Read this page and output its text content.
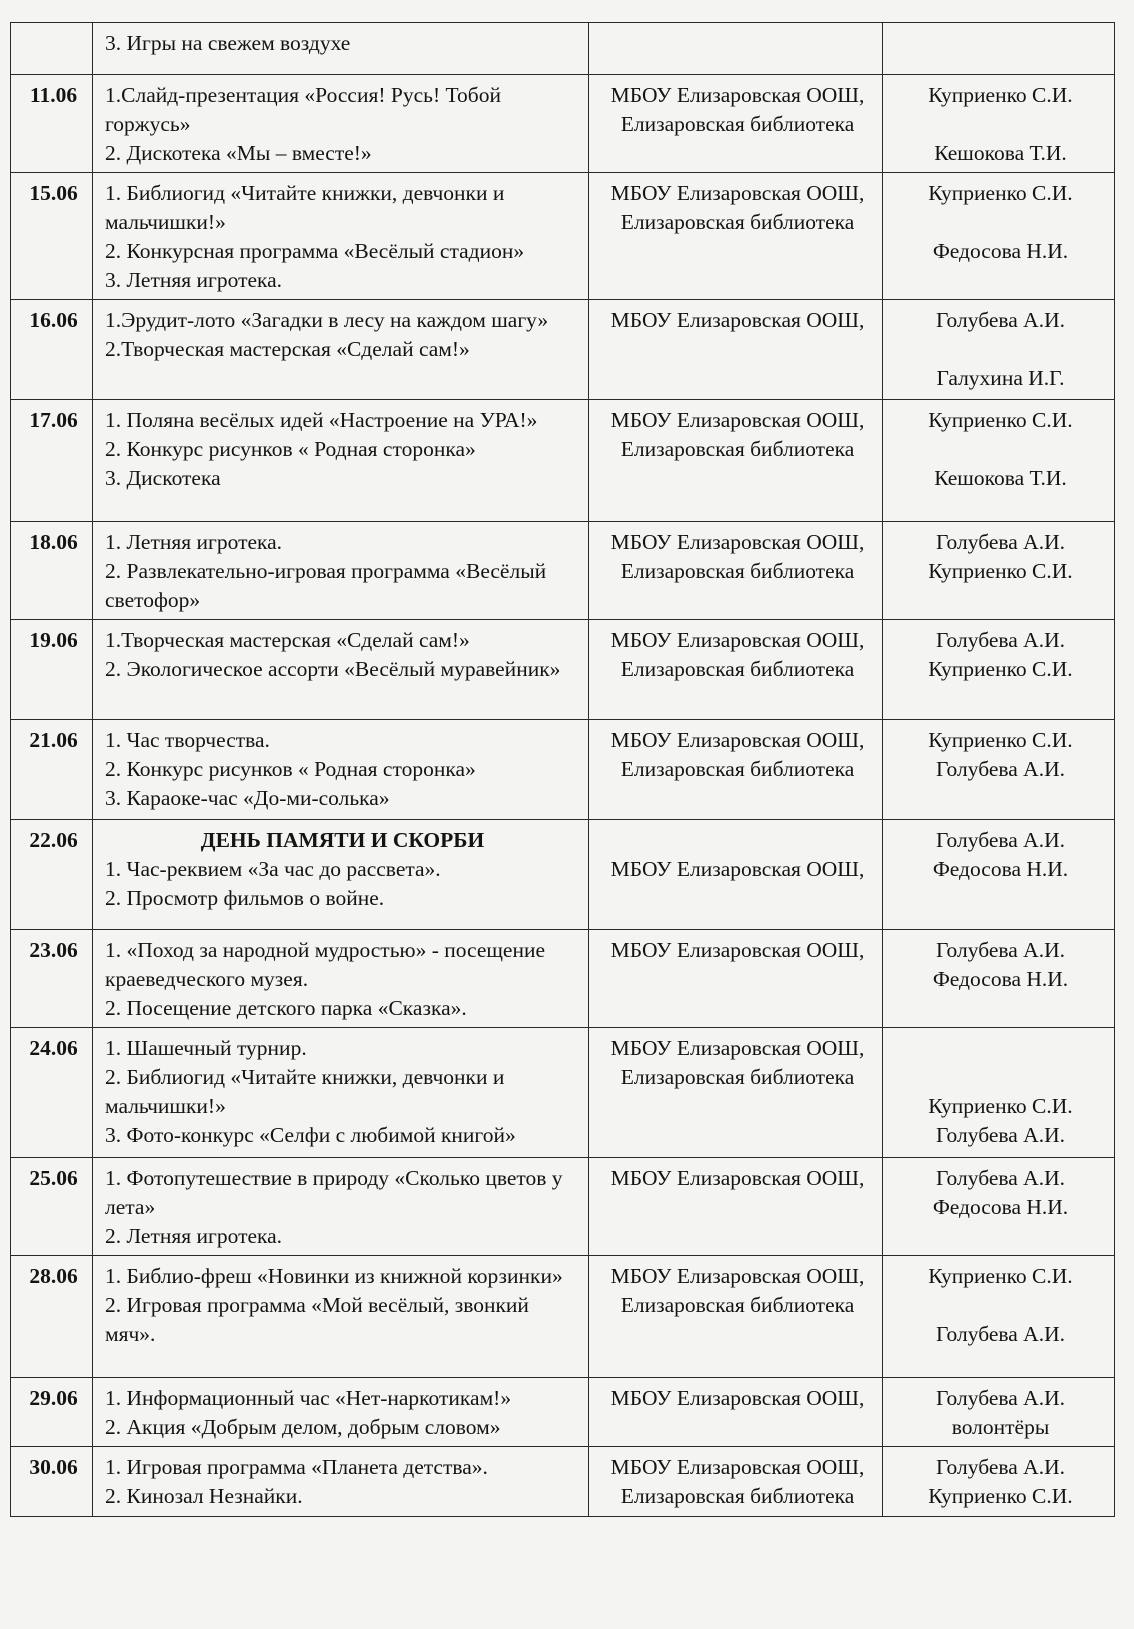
	3. Игры на свежем воздухе		

11.06	1.Слайд-презентация «Россия! Русь! Тобой горжусь»
2. Дискотека «Мы – вместе!»	МБОУ Елизаровская ООШ,
Елизаровская библиотека	Куприенко С.И.
Кешокова Т.И.

15.06	1. Библиогид «Читайте книжки, девчонки и мальчишки!»
2. Конкурсная программа «Весёлый стадион»
3. Летняя игротека.	МБОУ Елизаровская ООШ,
Елизаровская библиотека	Куприенко С.И.
Федосова Н.И.

16.06	1.Эрудит-лото «Загадки в лесу на каждом шагу»
2.Творческая мастерская «Сделай сам!»	МБОУ Елизаровская ООШ,	Голубева А.И.
Галухина И.Г.

17.06	1. Поляна весёлых идей «Настроение на УРА!»
2. Конкурс рисунков « Родная сторонка»
3. Дискотека	МБОУ Елизаровская ООШ,
Елизаровская библиотека	Куприенко С.И.
Кешокова Т.И.

18.06	1. Летняя игротека.
2. Развлекательно-игровая программа «Весёлый светофор»	МБОУ Елизаровская ООШ,
Елизаровская библиотека	Голубева А.И.
Куприенко С.И.

19.06	1.Творческая мастерская «Сделай сам!»
2. Экологическое ассорти «Весёлый муравейник»	МБОУ Елизаровская ООШ,
Елизаровская библиотека	Голубева А.И.
Куприенко С.И.

21.06	1. Час творчества.
2. Конкурс рисунков « Родная сторонка»
3. Караоке-час «До-ми-солька»	МБОУ Елизаровская ООШ,
Елизаровская библиотека	Куприенко С.И.
Голубева А.И.

22.06	ДЕНЬ ПАМЯТИ И СКОРБИ
1. Час-реквием «За час до рассвета».
2. Просмотр фильмов о войне.	МБОУ Елизаровская ООШ,	Голубева А.И.
Федосова Н.И.

23.06	1. «Поход за народной мудростью» - посещение краеведческого музея.
2. Посещение детского парка «Сказка».	МБОУ Елизаровская ООШ,	Голубева А.И.
Федосова Н.И.

24.06	1. Шашечный турнир.
2. Библиогид «Читайте книжки, девчонки и мальчишки!»
3. Фото-конкурс «Селфи с любимой книгой»	МБОУ Елизаровская ООШ,
Елизаровская библиотека	Куприенко С.И.
Голубева А.И.

25.06	1. Фотопутешествие в природу «Сколько цветов у лета»
2. Летняя игротека.	МБОУ Елизаровская ООШ,	Голубева А.И.
Федосова Н.И.

28.06	1. Библио-фреш «Новинки из книжной корзинки»
2. Игровая программа «Мой весёлый, звонкий мяч».	МБОУ Елизаровская ООШ,
Елизаровская библиотека	Куприенко С.И.
Голубева А.И.

29.06	1. Информационный час «Нет-наркотикам!»
2. Акция «Добрым делом, добрым словом»	МБОУ Елизаровская ООШ,	Голубева А.И.
волонтёры

30.06	1. Игровая программа «Планета детства».
2. Кинозал Незнайки.	МБОУ Елизаровская ООШ,
Елизаровская библиотека	Голубева А.И.
Куприенко С.И.
